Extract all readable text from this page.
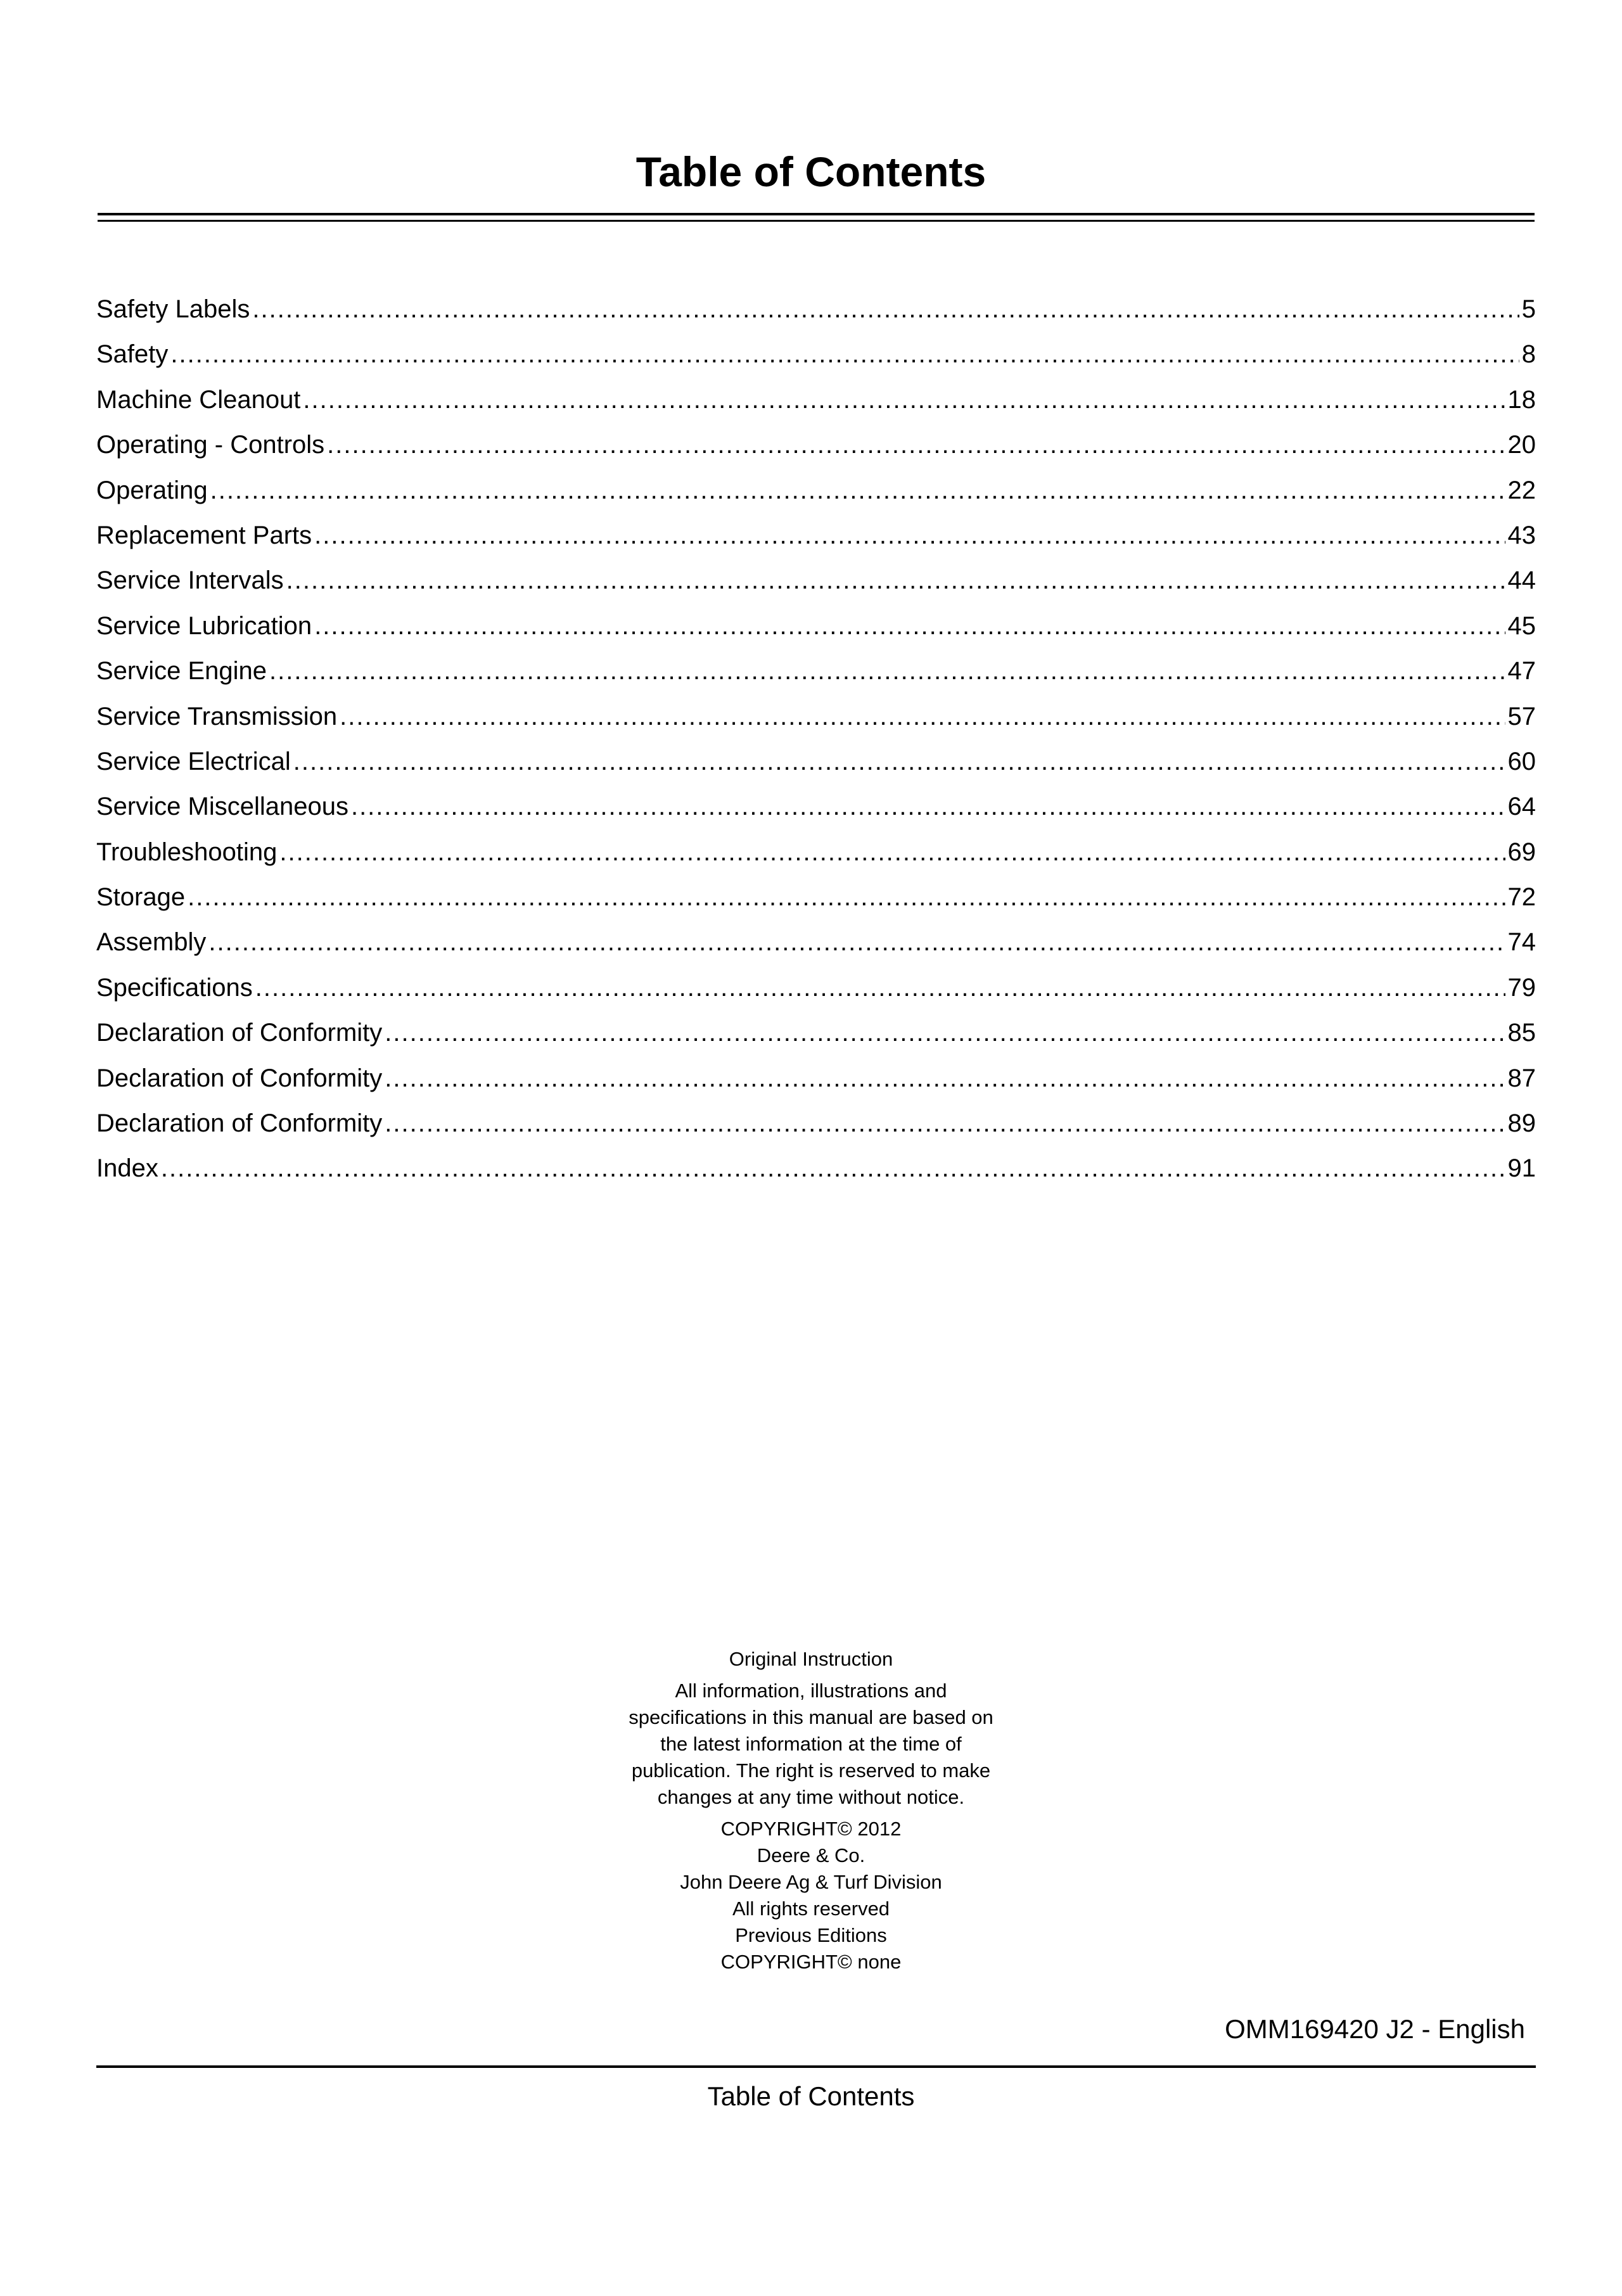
Table of Contents
Safety Labels .....	5
Safety .....	8
Machine Cleanout .....	18
Operating - Controls .....	20
Operating .....	22
Replacement Parts .....	43
Service Intervals .....	44
Service Lubrication .....	45
Service Engine .....	47
Service Transmission .....	57
Service Electrical .....	60
Service Miscellaneous .....	64
Troubleshooting .....	69
Storage .....	72
Assembly .....	74
Specifications .....	79
Declaration of Conformity .....	85
Declaration of Conformity .....	87
Declaration of Conformity .....	89
Index .....	91

Original Instruction

All information, illustrations and specifications in this manual are based on the latest information at the time of publication. The right is reserved to make changes at any time without notice.

COPYRIGHT© 2012

Deere & Co.

John Deere Ag & Turf Division

All rights reserved

Previous Editions

COPYRIGHT© none

OMM169420 J2 - English
Table of Contents
